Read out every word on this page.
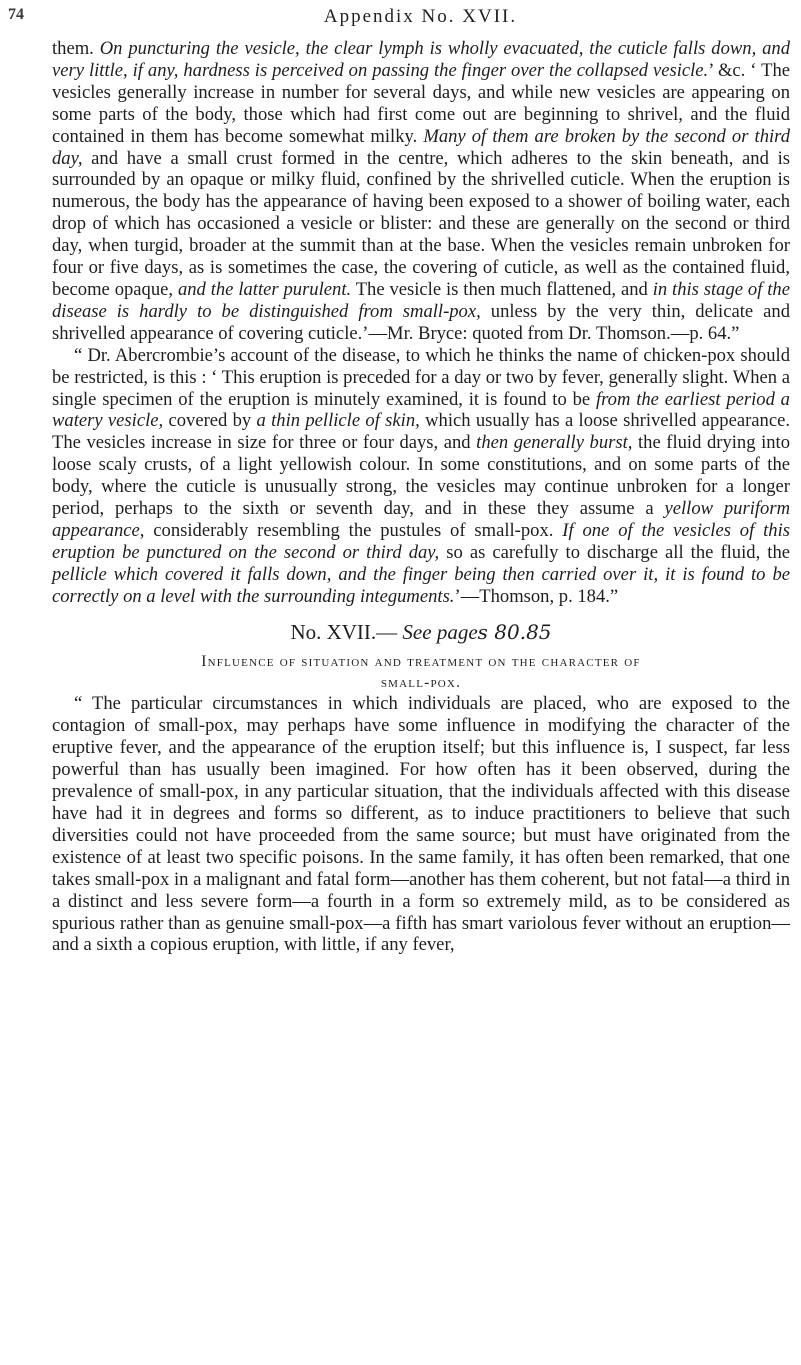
74	Appendix No. XVII.

them. On puncturing the vesicle, the clear lymph is wholly evacuated, the cuticle falls down, and very little, if any, hardness is perceived on passing the finger over the collapsed vesicle.’ &c. ‘ The vesicles generally increase in number for several days, and while new vesicles are appearing on some parts of the body, those which had first come out are beginning to shrivel, and the fluid contained in them has become somewhat milky. Many of them are broken by the second or third day, and have a small crust formed in the centre, which adheres to the skin beneath, and is surrounded by an opaque or milky fluid, confined by the shrivelled cuticle. When the eruption is numerous, the body has the appearance of having been exposed to a shower of boiling water, each drop of which has occasioned a vesicle or blister: and these are generally on the second or third day, when turgid, broader at the summit than at the base. When the vesicles remain unbroken for four or five days, as is sometimes the case, the covering of cuticle, as well as the contained fluid, become opaque, and the latter purulent. The vesicle is then much flattened, and in this stage of the disease is hardly to be distinguished from small-pox, unless by the very thin, delicate and shrivelled appearance of covering cuticle.’—Mr. Bryce: quoted from Dr. Thomson.—p. 64.”

“ Dr. Abercrombie’s account of the disease, to which he thinks the name of chicken-pox should be restricted, is this : ‘ This eruption is preceded for a day or two by fever, generally slight. When a single specimen of the eruption is minutely examined, it is found to be from the earliest period a watery vesicle, covered by a thin pellicle of skin, which usually has a loose shrivelled appearance. The vesicles increase in size for three or four days, and then generally burst, the fluid drying into loose scaly crusts, of a light yellowish colour. In some constitutions, and on some parts of the body, where the cuticle is unusually strong, the vesicles may continue unbroken for a longer period, perhaps to the sixth or seventh day, and in these they assume a yellow puriform appearance, considerably resembling the pustules of small-pox. If one of the vesicles of this eruption be punctured on the second or third day, so as carefully to discharge all the fluid, the pellicle which covered it falls down, and the finger being then carried over it, it is found to be correctly on a level with the surrounding integuments.’—Thomson, p. 184.”

No. XVII.— See pages 80.85
Influence of situation and treatment on the character of
small-pox.

“ The particular circumstances in which individuals are placed, who are exposed to the contagion of small-pox, may perhaps have some influence in modifying the character of the eruptive fever, and the appearance of the eruption itself; but this influence is, I suspect, far less powerful than has usually been imagined. For how often has it been observed, during the prevalence of small-pox, in any particular situation, that the individuals affected with this disease have had it in degrees and forms so different, as to induce practitioners to believe that such diversities could not have proceeded from the same source; but must have originated from the existence of at least two specific poisons. In the same family, it has often been remarked, that one takes small-pox in a malignant and fatal form—another has them coherent, but not fatal—a third in a distinct and less severe form—a fourth in a form so extremely mild, as to be considered as spurious rather than as genuine small-pox—a fifth has smart variolous fever without an eruption—and a sixth a copious eruption, with little, if any fever,
